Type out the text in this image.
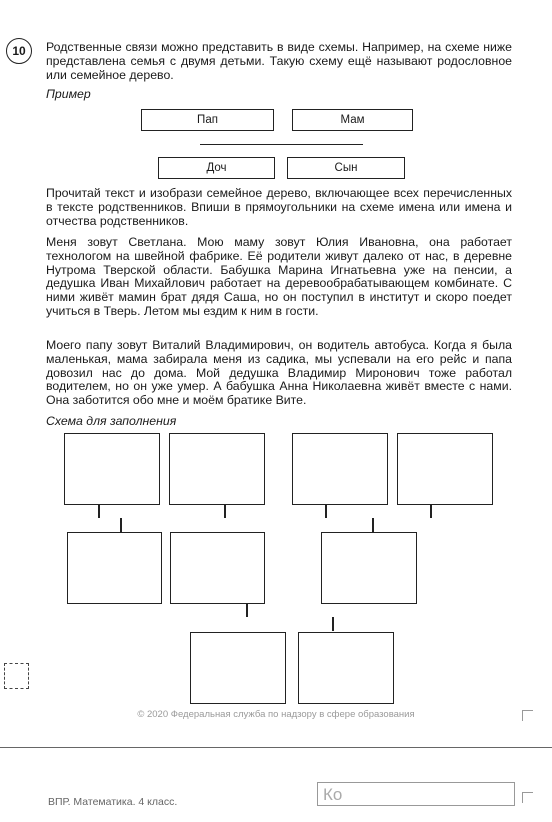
10	Родственные связи можно представить в виде схемы. Например, на схеме ниже представлена семья с двумя детьми. Такую схему ещё называют родословное или семейное дерево.

Пример
Пап	Мам
Доч	Сын

Прочитай текст и изобрази семейное дерево, включающее всех перечисленных в тексте родственников. Впиши в прямоугольники на схеме имена или имена и отчества родственников.

Меня зовут Светлана. Мою маму зовут Юлия Ивановна, она работает технологом на швейной фабрике. Её родители живут далеко от нас, в деревне Нутрома Тверской области. Бабушка Марина Игнатьевна уже на пенсии, а дедушка Иван Михайлович работает на деревообрабатывающем комбинате. С ними живёт мамин брат дядя Саша, но он поступил в институт и скоро поедет учиться в Тверь. Летом мы ездим к ним в гости.

Моего папу зовут Виталий Владимирович, он водитель автобуса. Когда я была маленькая, мама забирала меня из садика, мы успевали на его рейс и папа довозил нас до дома. Мой дедушка Владимир Миронович тоже работал водителем, но он уже умер. А бабушка Анна Николаевна живёт вместе с нами. Она заботится обо мне и моём братике Вите.

Схема для заполнения
© 2020 Федеральная служба по надзору в сфере образования
ВПР. Математика. 4 класс.	Ко
